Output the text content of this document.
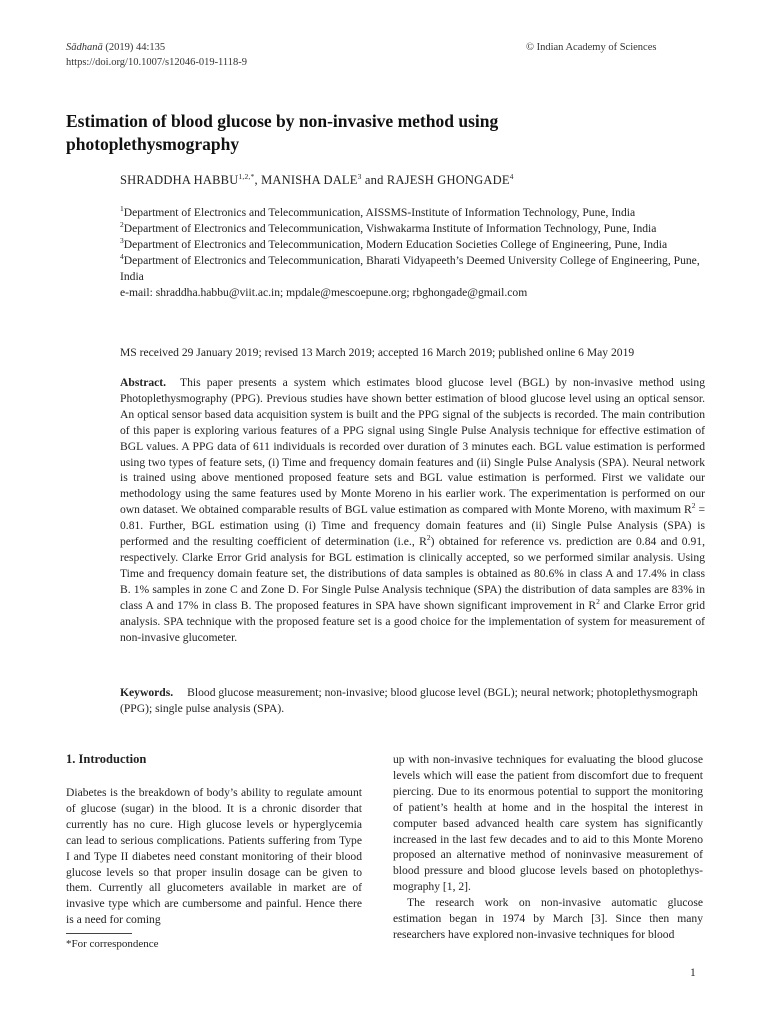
Sādhanā (2019) 44:135
https://doi.org/10.1007/s12046-019-1118-9
© Indian Academy of Sciences
Estimation of blood glucose by non-invasive method using photoplethysmography
SHRADDHA $HABBU^{1,2,*}$, MANISHA DALE$^3$ and RAJESH GHONGADE$^4$

$^1$Department of Electronics and Telecommunication, AISSMS-Institute of Information Technology, Pune, India

$^2$Department of Electronics and Telecommunication, Vishwakarma Institute of Information Technology, Pune, India

$^3$Department of Electronics and Telecommunication, Modern Education Societies College of Engineering, Pune, India

$^4$Department of Electronics and Telecommunication, Bharati Vidyapeeth’s Deemed University College of Engineering, Pune, India

e-mail: shraddha.habbu@viit.ac.in; mpdale@mescoepune.org; rbghongade@gmail.com

MS received 29 January 2019; revised 13 March 2019; accepted 16 March 2019; published online 6 May 2019
Abstract. This paper presents a system which estimates blood glucose level (BGL) by non-invasive method using Photoplethysmography (PPG). Previous studies have shown better estimation of blood glucose level using an optical sensor. An optical sensor based data acquisition system is built and the PPG signal of the subjects is recorded. The main contribution of this paper is exploring various features of a PPG signal using Single Pulse Analysis technique for effective estimation of BGL values. A PPG data of 611 individuals is recorded over duration of 3 minutes each. BGL value estimation is performed using two types of feature sets, (i) Time and frequency domain features and (ii) Single Pulse Analysis (SPA). Neural network is trained using above mentioned proposed feature sets and BGL value estimation is performed. First we validate our methodology using the same features used by Monte Moreno in his earlier work. The experimentation is performed on our own dataset. We obtained comparable results of BGL value estimation as compared with Monte Moreno, with maximum $R^2 = 0.81$. Further, BGL estimation using (i) Time and frequency domain features and (ii) Single Pulse Analysis (SPA) is performed and the resulting coefficient of determination (i.e., $R^2$) obtained for reference vs. prediction are 0.84 and 0.91, respectively. Clarke Error Grid analysis for BGL estimation is clinically accepted, so we performed similar analysis. Using Time and frequency domain feature set, the distributions of data samples is obtained as 80.6% in class A and 17.4% in class B. 1% samples in zone C and Zone D. For Single Pulse Analysis technique (SPA) the distribution of data samples are 83% in class A and 17% in class B. The proposed features in SPA have shown significant improvement in $R^2$ and Clarke Error grid analysis. SPA technique with the proposed feature set is a good choice for the implementation of system for measurement of non-invasive glucometer.
Keywords. Blood glucose measurement; non-invasive; blood glucose level (BGL); neural network; photoplethysmograph (PPG); single pulse analysis (SPA).
1. Introduction

Diabetes is the breakdown of body’s ability to regulate amount of glucose (sugar) in the blood. It is a chronic disorder that currently has no cure. High glucose levels or hyperglycemia can lead to serious complications. Patients suffering from Type I and Type II diabetes need constant monitoring of their blood glucose levels so that proper insulin dosage can be given to them. Currently all glucometers available in market are of invasive type which are cumbersome and painful. Hence there is a need for coming

up with non-invasive techniques for evaluating the blood glucose levels which will ease the patient from discomfort due to frequent piercing. Due to its enormous potential to support the monitoring of patient’s health at home and in the hospital the interest in computer based advanced health care system has significantly increased in the last few decades and to aid to this Monte Moreno proposed an alternative method of noninvasive measurement of blood pressure and blood glucose levels based on photoplethysmography [1, 2].

The research work on non-invasive automatic glucose estimation began in 1974 by March [3]. Since then many researchers have explored non-invasive techniques for blood

*For correspondence
1
